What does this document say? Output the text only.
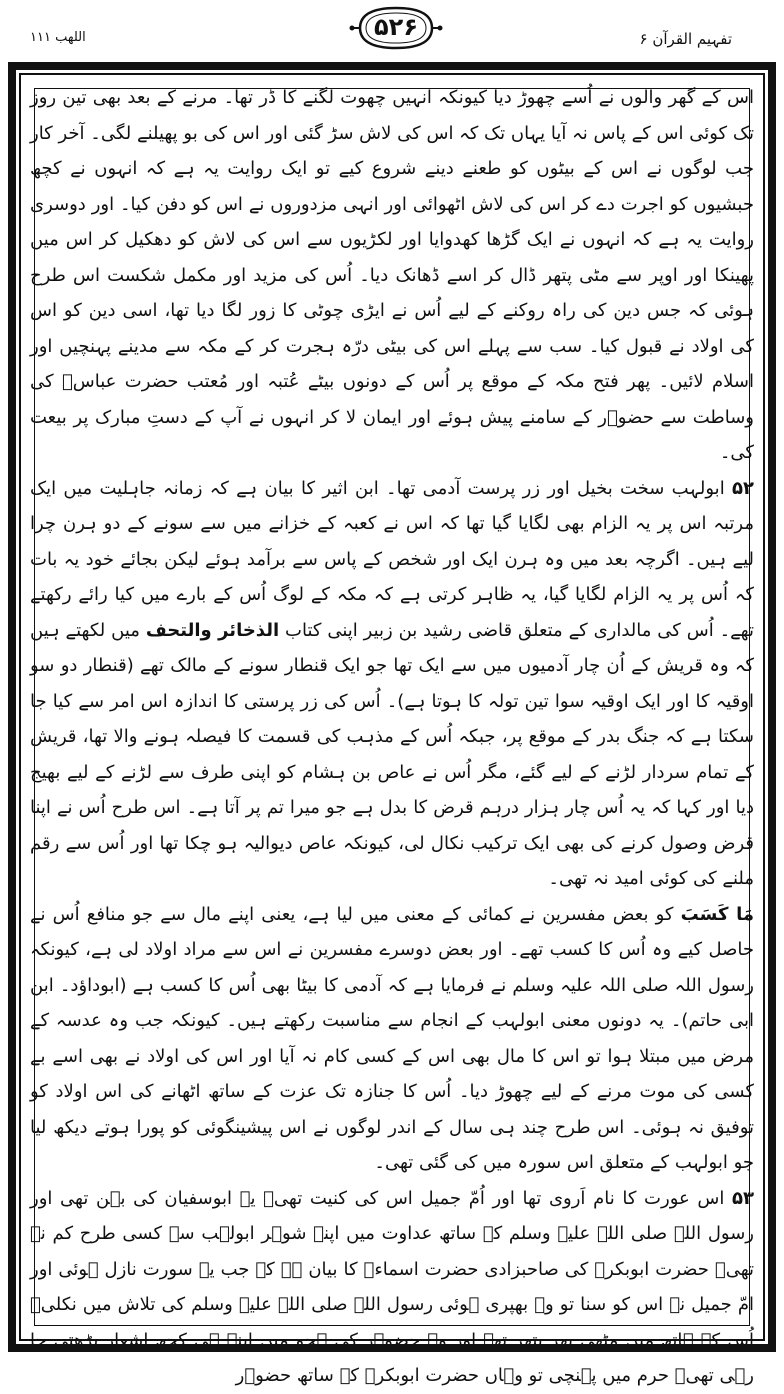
اللھب ۱۱۱	۵۲۶	تفہیم القرآن ۶

اس کے گھر والوں نے اُسے چھوڑ دیا کیونکہ انہیں چھوت لگنے کا ڈر تھا۔ مرنے کے بعد بھی تین روز تک کوئی اس کے پاس نہ آیا یہاں تک کہ اس کی لاش سڑ گئی اور اس کی بو پھیلنے لگی۔ آخر کار جب لوگوں نے اس کے بیٹوں کو طعنے دینے شروع کیے تو ایک روایت یہ ہے کہ انہوں نے کچھ حبشیوں کو اجرت دے کر اس کی لاش اٹھوائی اور انہی مزدوروں نے اس کو دفن کیا۔ اور دوسری روایت یہ ہے کہ انہوں نے ایک گڑھا کھدوایا اور لکڑیوں سے اس کی لاش کو دھکیل کر اس میں پھینکا اور اوپر سے مٹی پتھر ڈال کر اسے ڈھانک دیا۔ اُس کی مزید اور مکمل شکست اس طرح ہوئی کہ جس دین کی راہ روکنے کے لیے اُس نے ایڑی چوٹی کا زور لگا دیا تھا، اسی دین کو اس کی اولاد نے قبول کیا۔ سب سے پہلے اس کی بیٹی درّہ ہجرت کر کے مکہ سے مدینے پہنچیں اور اسلام لائیں۔ پھر فتح مکہ کے موقع پر اُس کے دونوں بیٹے عُتبہ اور مُعتب حضرت عباسؓ کی وساطت سے حضوؐر کے سامنے پیش ہوئے اور ایمان لا کر انہوں نے آپ کے دستِ مبارک پر بیعت کی۔

۵۲ ابولہب سخت بخیل اور زر پرست آدمی تھا۔ ابن اثیر کا بیان ہے کہ زمانہ جاہلیت میں ایک مرتبہ اس پر یہ الزام بھی لگایا گیا تھا کہ اس نے کعبہ کے خزانے میں سے سونے کے دو ہرن چرا لیے ہیں۔ اگرچہ بعد میں وہ ہرن ایک اور شخص کے پاس سے برآمد ہوئے لیکن بجائے خود یہ بات کہ اُس پر یہ الزام لگایا گیا، یہ ظاہر کرتی ہے کہ مکہ کے لوگ اُس کے بارے میں کیا رائے رکھتے تھے۔ اُس کی مالداری کے متعلق قاضی رشید بن زبیر اپنی کتاب الذخائر والتحف میں لکھتے ہیں کہ وہ قریش کے اُن چار آدمیوں میں سے ایک تھا جو ایک قنطار سونے کے مالک تھے (قنطار دو سو اوقیہ کا اور ایک اوقیہ سوا تین تولہ کا ہوتا ہے)۔ اُس کی زر پرستی کا اندازہ اس امر سے کیا جا سکتا ہے کہ جنگ بدر کے موقع پر، جبکہ اُس کے مذہب کی قسمت کا فیصلہ ہونے والا تھا، قریش کے تمام سردار لڑنے کے لیے گئے، مگر اُس نے عاص بن ہشام کو اپنی طرف سے لڑنے کے لیے بھیج دیا اور کہا کہ یہ اُس چار ہزار درہم قرض کا بدل ہے جو میرا تم پر آتا ہے۔ اس طرح اُس نے اپنا قرض وصول کرنے کی بھی ایک ترکیب نکال لی، کیونکہ عاص دیوالیہ ہو چکا تھا اور اُس سے رقم ملنے کی کوئی امید نہ تھی۔

مَا کَسَبَ کو بعض مفسرین نے کمائی کے معنی میں لیا ہے، یعنی اپنے مال سے جو منافع اُس نے حاصل کیے وہ اُس کا کسب تھے۔ اور بعض دوسرے مفسرین نے اس سے مراد اولاد لی ہے، کیونکہ رسول اللہ صلی اللہ علیہ وسلم نے فرمایا ہے کہ آدمی کا بیٹا بھی اُس کا کسب ہے (ابوداؤد۔ ابن ابی حاتم)۔ یہ دونوں معنی ابولہب کے انجام سے مناسبت رکھتے ہیں۔ کیونکہ جب وہ عدسہ کے مرض میں مبتلا ہوا تو اس کا مال بھی اس کے کسی کام نہ آیا اور اس کی اولاد نے بھی اسے بے کسی کی موت مرنے کے لیے چھوڑ دیا۔ اُس کا جنازہ تک عزت کے ساتھ اٹھانے کی اس اولاد کو توفیق نہ ہوئی۔ اس طرح چند ہی سال کے اندر لوگوں نے اس پیشینگوئی کو پورا ہوتے دیکھ لیا جو ابولہب کے متعلق اس سورہ میں کی گئی تھی۔

۵۳ اس عورت کا نام اَروی تھا اور اُمّ جمیل اس کی کنیت تھی۔ یہ ابوسفیان کی بہن تھی اور رسول اللہ صلی اللہ علیہ وسلم کے ساتھ عداوت میں اپنے شوہر ابولہب سے کسی طرح کم نہ تھی۔ حضرت ابوبکرؓ کی صاحبزادی حضرت اسماءؓ کا بیان ہے کہ جب یہ سورت نازل ہوئی اور امّ جمیل نے اس کو سنا تو وہ بھپری ہوئی رسول اللہ صلی اللہ علیہ وسلم کی تلاش میں نکلی۔ اُس کے ہاتھ میں مٹھی بھر پتھر تھے اور وہ حضوؐر کی ہجو میں اپنے ہی کچھ اشعار پڑھتی جا رہی تھی۔ حرم میں پہنچی تو وہاں حضرت ابوبکرؓ کے ساتھ حضوؐر
